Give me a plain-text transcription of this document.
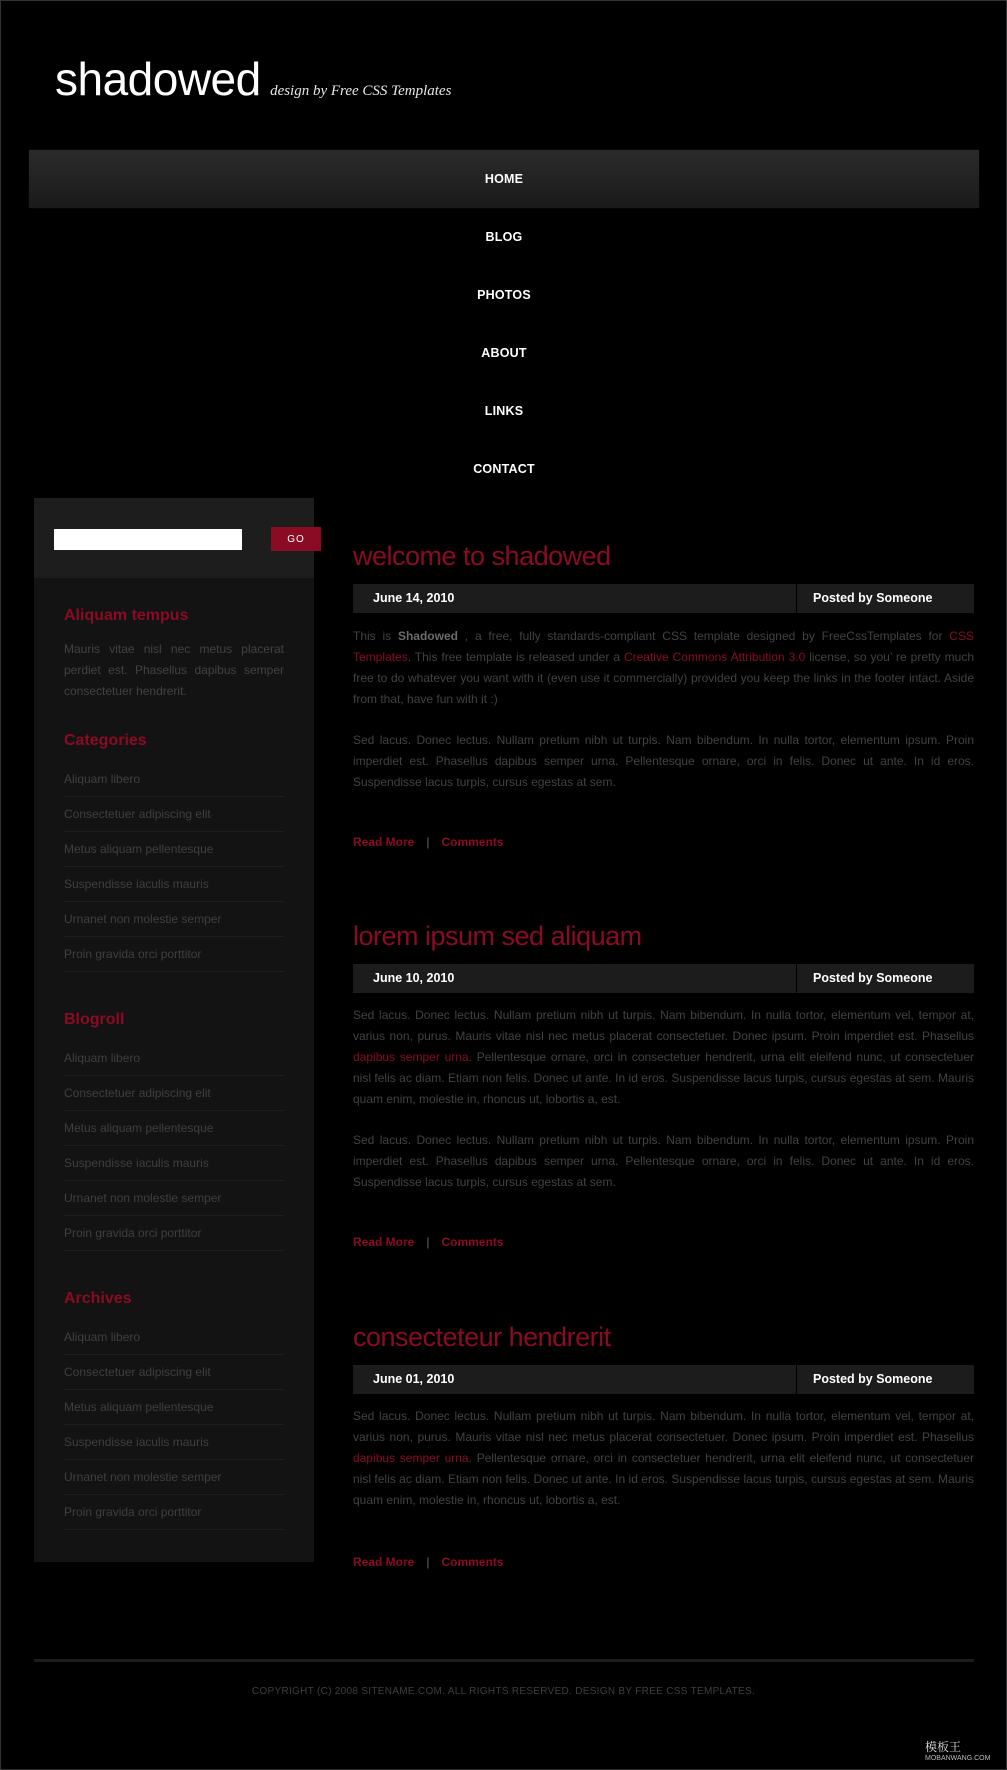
shadowed design by Free CSS Templates
HOME
BLOG
PHOTOS
ABOUT
LINKS
CONTACT
GO
Aliquam tempus

Mauris vitae nisl nec metus placerat perdiet est. Phasellus dapibus semper consectetuer hendrerit.

Categories
Aliquam libero
Consectetuer adipiscing elit
Metus aliquam pellentesque
Suspendisse iaculis mauris
Urnanet non molestie semper
Proin gravida orci porttitor
Blogroll
Aliquam libero
Consectetuer adipiscing elit
Metus aliquam pellentesque
Suspendisse iaculis mauris
Urnanet non molestie semper
Proin gravida orci porttitor
Archives
Aliquam libero
Consectetuer adipiscing elit
Metus aliquam pellentesque
Suspendisse iaculis mauris
Urnanet non molestie semper
Proin gravida orci porttitor
welcome to shadowed
June 14, 2010	Posted by Someone

This is Shadowed , a free, fully standards-compliant CSS template designed by FreeCssTemplates for CSS Templates. This free template is released under a Creative Commons Attribution 3.0 license, so you’ re pretty much free to do whatever you want with it (even use it commercially) provided you keep the links in the footer intact. Aside from that, have fun with it :)

Sed lacus. Donec lectus. Nullam pretium nibh ut turpis. Nam bibendum. In nulla tortor, elementum ipsum. Proin imperdiet est. Phasellus dapibus semper urna. Pellentesque ornare, orci in felis. Donec ut ante. In id eros. Suspendisse lacus turpis, cursus egestas at sem.

Read More | Comments
lorem ipsum sed aliquam
June 10, 2010	Posted by Someone

Sed lacus. Donec lectus. Nullam pretium nibh ut turpis. Nam bibendum. In nulla tortor, elementum vel, tempor at, varius non, purus. Mauris vitae nisl nec metus placerat consectetuer. Donec ipsum. Proin imperdiet est. Phasellus dapibus semper urna. Pellentesque ornare, orci in consectetuer hendrerit, urna elit eleifend nunc, ut consectetuer nisl felis ac diam. Etiam non felis. Donec ut ante. In id eros. Suspendisse lacus turpis, cursus egestas at sem. Mauris quam enim, molestie in, rhoncus ut, lobortis a, est.

Sed lacus. Donec lectus. Nullam pretium nibh ut turpis. Nam bibendum. In nulla tortor, elementum ipsum. Proin imperdiet est. Phasellus dapibus semper urna. Pellentesque ornare, orci in felis. Donec ut ante. In id eros. Suspendisse lacus turpis, cursus egestas at sem.

Read More | Comments
consecteteur hendrerit
June 01, 2010	Posted by Someone

Sed lacus. Donec lectus. Nullam pretium nibh ut turpis. Nam bibendum. In nulla tortor, elementum vel, tempor at, varius non, purus. Mauris vitae nisl nec metus placerat consectetuer. Donec ipsum. Proin imperdiet est. Phasellus dapibus semper urna. Pellentesque ornare, orci in consectetuer hendrerit, urna elit eleifend nunc, ut consectetuer nisl felis ac diam. Etiam non felis. Donec ut ante. In id eros. Suspendisse lacus turpis, cursus egestas at sem. Mauris quam enim, molestie in, rhoncus ut, lobortis a, est.

Read More | Comments
COPYRIGHT (C) 2008 SITENAME.COM. ALL RIGHTS RESERVED. DESIGN BY FREE CSS TEMPLATES.
模板王
MOBANWANG.COM
